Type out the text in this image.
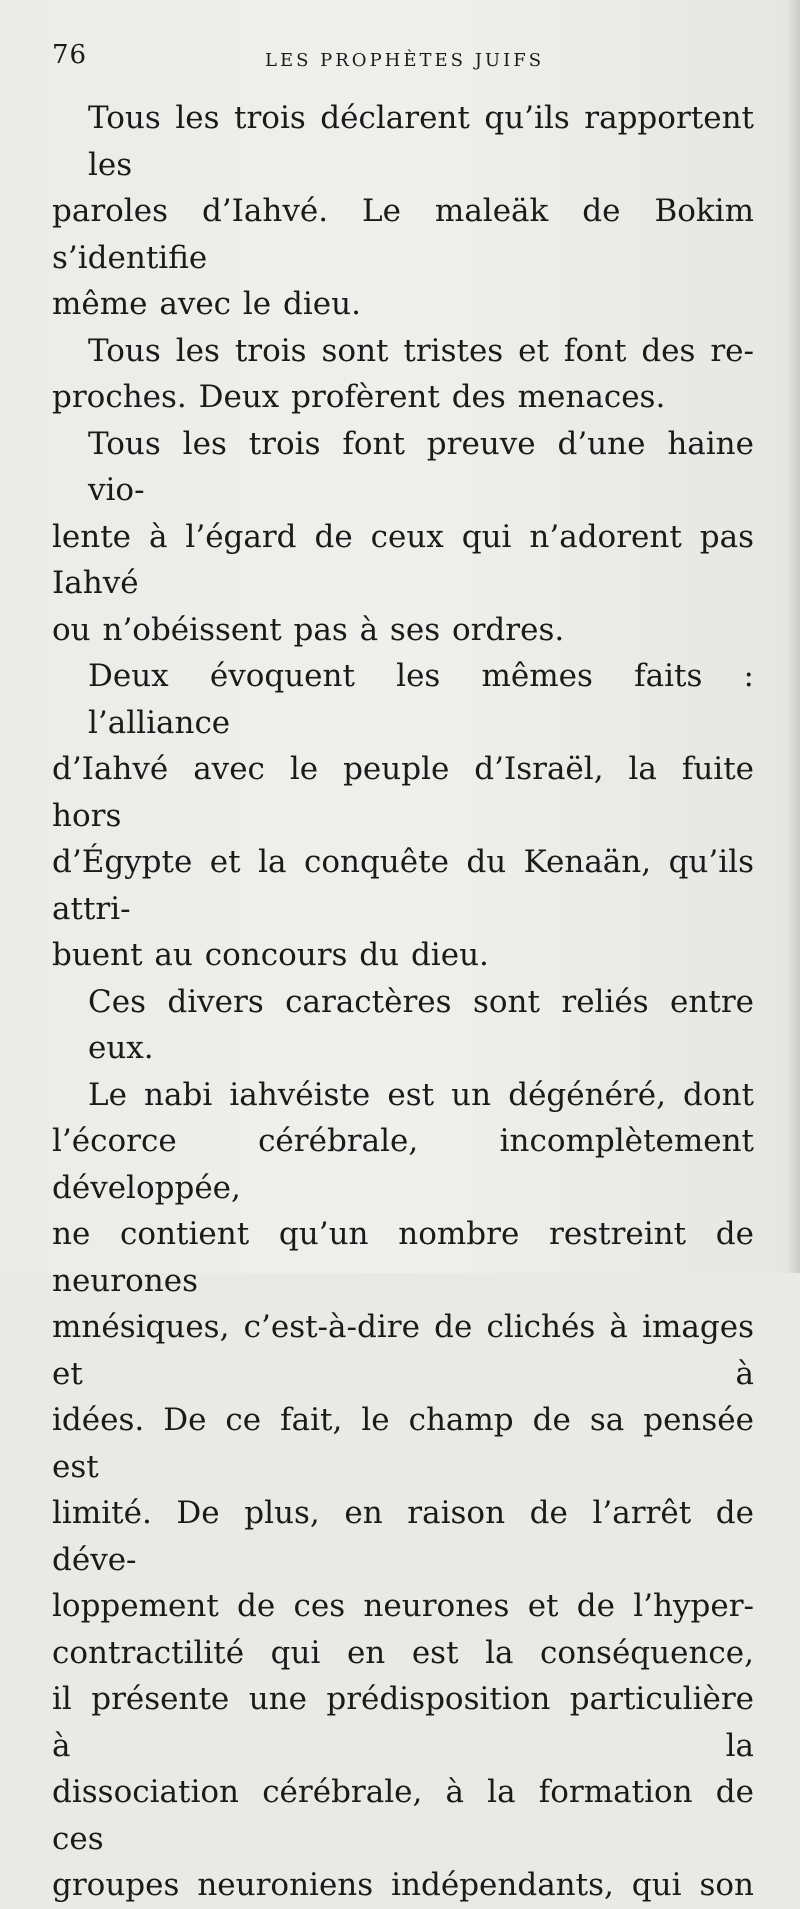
76	LES PROPHÈTES JUIFS
Tous les trois déclarent qu’ils rapportent les
paroles d’Iahvé. Le maleäk de Bokim s’identifie
même avec le dieu.
Tous les trois sont tristes et font des re-
proches. Deux profèrent des menaces.
Tous les trois font preuve d’une haine vio-
lente à l’égard de ceux qui n’adorent pas Iahvé
ou n’obéissent pas à ses ordres.
Deux évoquent les mêmes faits : l’alliance
d’Iahvé avec le peuple d’Israël, la fuite hors
d’Égypte et la conquête du Kenaän, qu’ils attri-
buent au concours du dieu.
Ces divers caractères sont reliés entre eux.
Le nabi iahvéiste est un dégénéré, dont
l’écorce cérébrale, incomplètement développée,
ne contient qu’un nombre restreint de neurones
mnésiques, c’est-à-dire de clichés à images et à
idées. De ce fait, le champ de sa pensée est
limité. De plus, en raison de l’arrêt de déve-
loppement de ces neurones et de l’hyper-
contractilité qui en est la conséquence,
il présente une prédisposition particulière à la
dissociation cérébrale, à la formation de ces
groupes neuroniens indépendants, qui son
